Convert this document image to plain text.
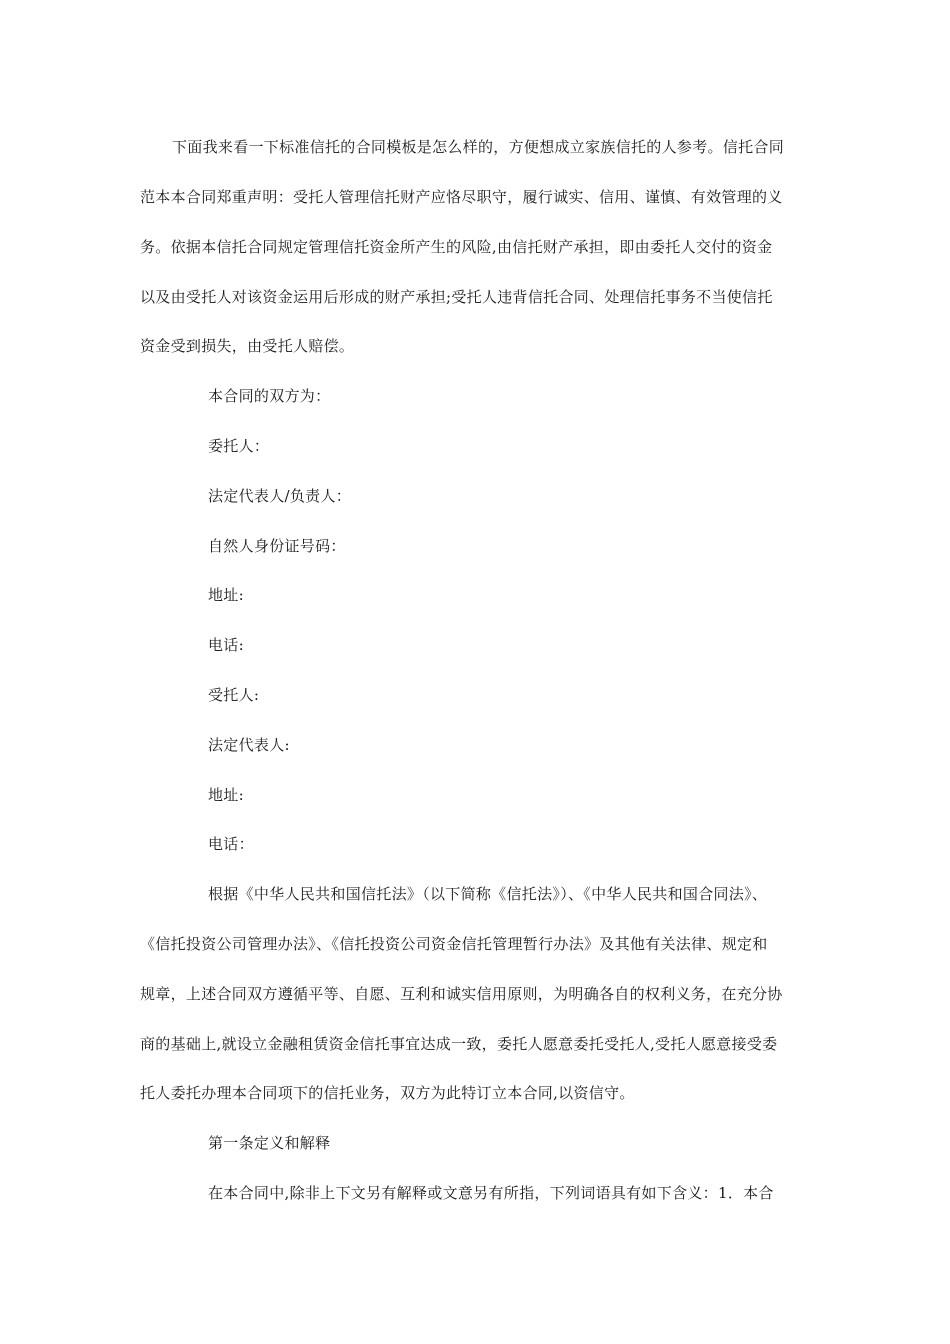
下面我来看一下标准信托的合同模板是怎么样的，方便想成立家族信托的人参考。信托合同
范本本合同郑重声明：受托人管理信托财产应恪尽职守，履行诚实、信用、谨慎、有效管理的义
务。依据本信托合同规定管理信托资金所产生的风险,由信托财产承担，即由委托人交付的资金
以及由受托人对该资金运用后形成的财产承担;受托人违背信托合同、处理信托事务不当使信托
资金受到损失，由受托人赔偿。
本合同的双方为：
委托人：
法定代表人/负责人：
自然人身份证号码：
地址:
电话:
受托人:
法定代表人:
地址:
电话：
根据《中华人民共和国信托法》（以下简称《信托法》）、《中华人民共和国合同法》、
《信托投资公司管理办法》、《信托投资公司资金信托管理暂行办法》及其他有关法律、规定和
规章，上述合同双方遵循平等、自愿、互利和诚实信用原则，为明确各自的权利义务，在充分协
商的基础上,就设立金融租赁资金信托事宜达成一致，委托人愿意委托受托人,受托人愿意接受委
托人委托办理本合同项下的信托业务，双方为此特订立本合同,以资信守。
第一条定义和解释
在本合同中,除非上下文另有解释或文意另有所指，下列词语具有如下含义：1．本合
